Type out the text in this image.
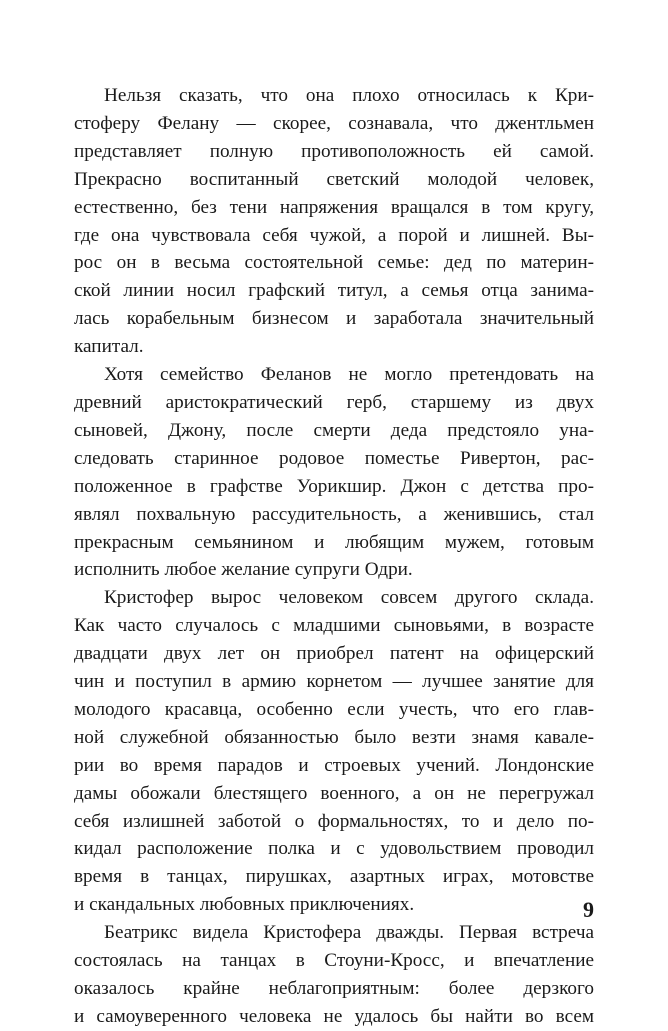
Нельзя сказать, что она плохо относилась к Кри-
стоферу Фелану — скорее, сознавала, что джентльмен
представляет полную противоположность ей самой.
Прекрасно воспитанный светский молодой человек,
естественно, без тени напряжения вращался в том кругу,
где она чувствовала себя чужой, а порой и лишней. Вы-
рос он в весьма состоятельной семье: дед по материн-
ской линии носил графский титул, а семья отца занима-
лась корабельным бизнесом и заработала значительный
капитал.

Хотя семейство Феланов не могло претендовать на
древний аристократический герб, старшему из двух
сыновей, Джону, после смерти деда предстояло уна-
следовать старинное родовое поместье Ривертон, рас-
положенное в графстве Уорикшир. Джон с детства про-
являл похвальную рассудительность, а женившись, стал
прекрасным семьянином и любящим мужем, готовым
исполнить любое желание супруги Одри.

Кристофер вырос человеком совсем другого склада.
Как часто случалось с младшими сыновьями, в возрасте
двадцати двух лет он приобрел патент на офицерский
чин и поступил в армию корнетом — лучшее занятие для
молодого красавца, особенно если учесть, что его глав-
ной служебной обязанностью было везти знамя кавале-
рии во время парадов и строевых учений. Лондонские
дамы обожали блестящего военного, а он не перегружал
себя излишней заботой о формальностях, то и дело по-
кидал расположение полка и с удовольствием проводил
время в танцах, пирушках, азартных играх, мотовстве
и скандальных любовных приключениях.

Беатрикс видела Кристофера дважды. Первая встреча
состоялась на танцах в Стоуни-Кросс, и впечатление
оказалось крайне неблагоприятным: более дерзкого
и самоуверенного человека не удалось бы найти во всем

9
